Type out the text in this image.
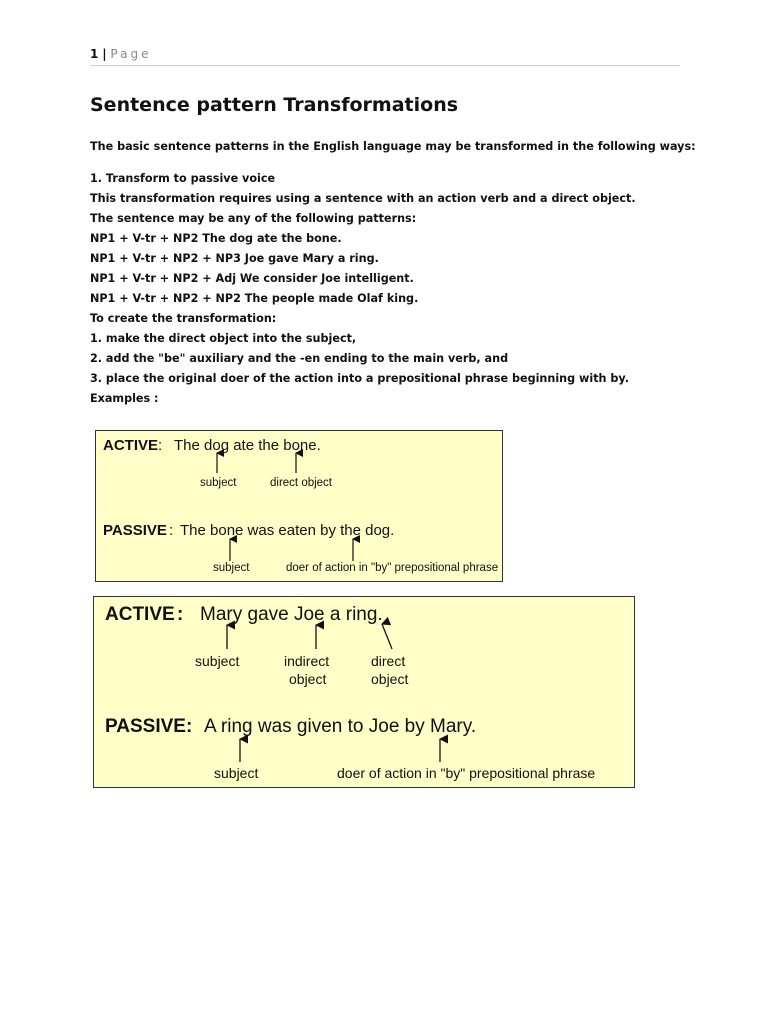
1 | Page
Sentence pattern Transformations
The basic sentence patterns in the English language may be transformed in the following ways:
1. Transform to passive voice
This transformation requires using a sentence with an action verb and a direct object.
The sentence may be any of the following patterns:
NP1 + V-tr + NP2 The dog ate the bone.
NP1 + V-tr + NP2 + NP3 Joe gave Mary a ring.
NP1 + V-tr + NP2 + Adj We consider Joe intelligent.
NP1 + V-tr + NP2 + NP2 The people made Olaf king.
To create the transformation:
1. make the direct object into the subject,
2. add the "be" auxiliary and the -en ending to the main verb, and
3. place the original doer of the action into a prepositional phrase beginning with by.
Examples :
ACTIVE : The dog ate the bone.
subject	direct object
PASSIVE : The bone was eaten by the dog.
subject	doer of action in "by" prepositional phrase
ACTIVE : Mary gave Joe a ring.
subject	indirect
object
direct
object
PASSIVE : A ring was given to Joe by Mary.
subject	doer of action in "by" prepositional phrase
